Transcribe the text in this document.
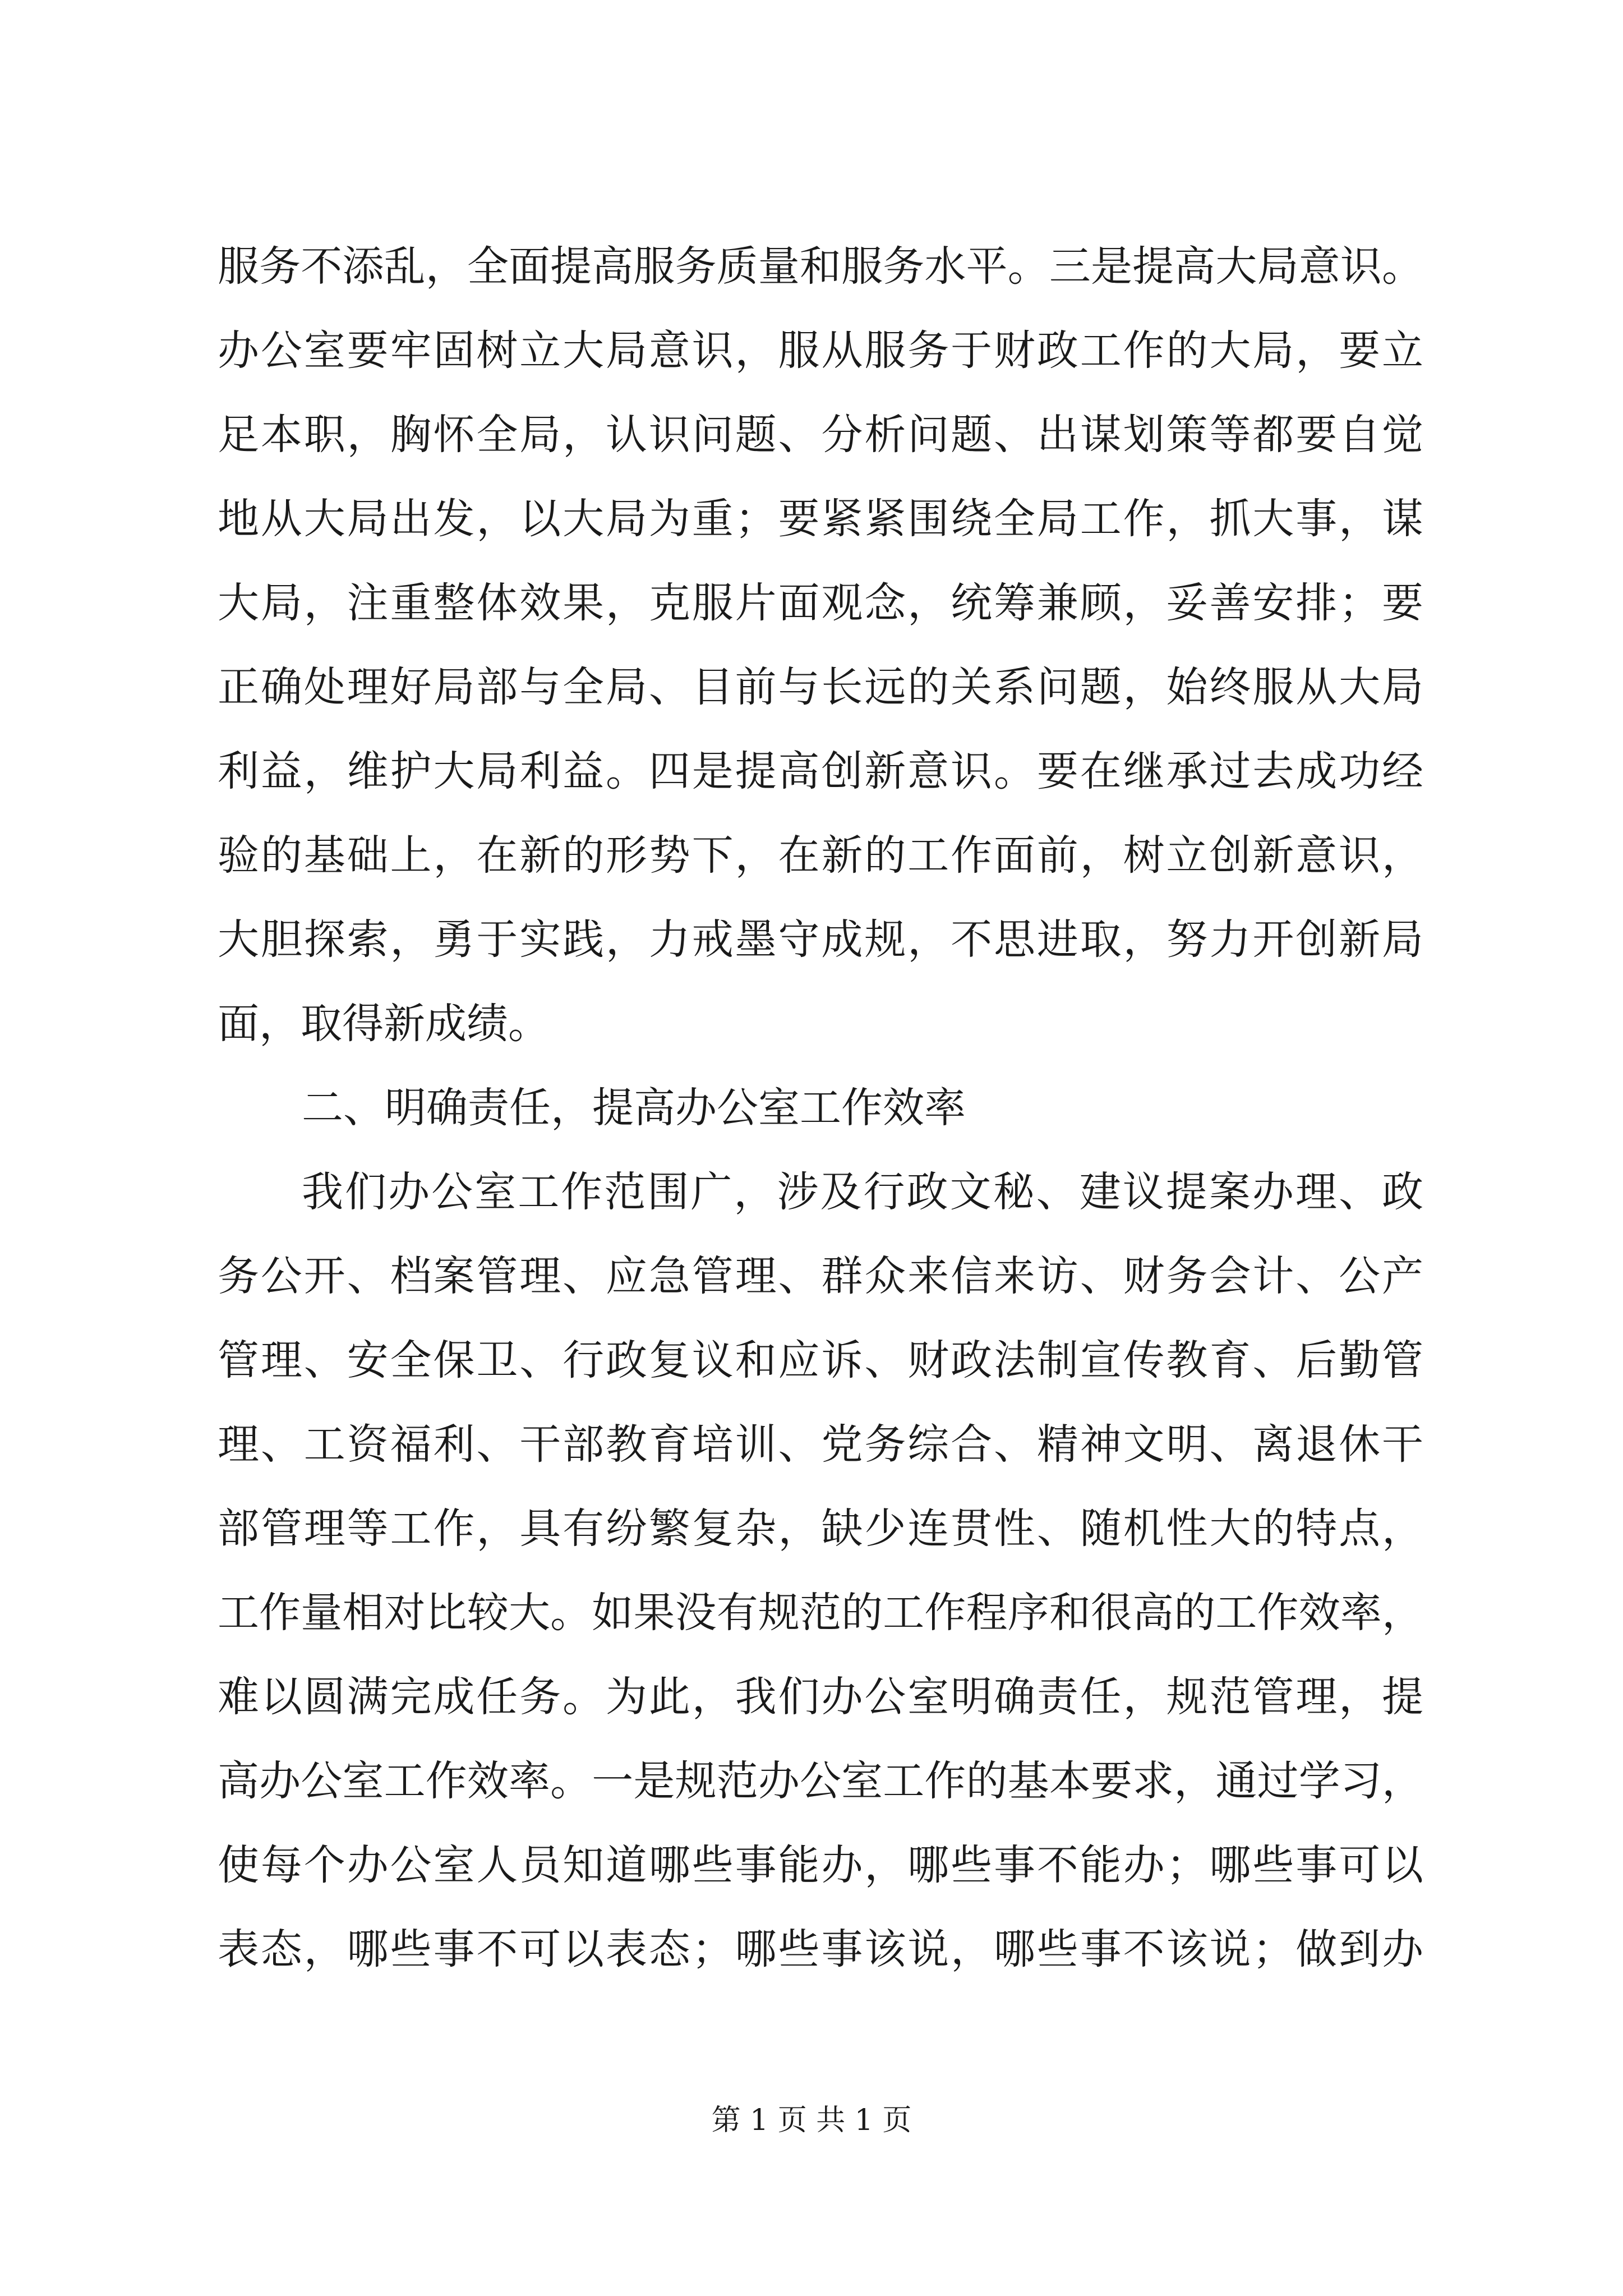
服务不添乱，全面提高服务质量和服务水平。三是提高大局意识。
办公室要牢固树立大局意识，服从服务于财政工作的大局，要立
足本职，胸怀全局，认识问题、分析问题、出谋划策等都要自觉
地从大局出发，以大局为重；要紧紧围绕全局工作，抓大事，谋
大局，注重整体效果，克服片面观念，统筹兼顾，妥善安排；要
正确处理好局部与全局、目前与长远的关系问题，始终服从大局
利益，维护大局利益。四是提高创新意识。要在继承过去成功经
验的基础上，在新的形势下，在新的工作面前，树立创新意识，
大胆探索，勇于实践，力戒墨守成规，不思进取，努力开创新局
面，取得新成绩。
二、明确责任，提高办公室工作效率
我们办公室工作范围广，涉及行政文秘、建议提案办理、政
务公开、档案管理、应急管理、群众来信来访、财务会计、公产
管理、安全保卫、行政复议和应诉、财政法制宣传教育、后勤管
理、工资福利、干部教育培训、党务综合、精神文明、离退休干
部管理等工作，具有纷繁复杂，缺少连贯性、随机性大的特点，
工作量相对比较大。如果没有规范的工作程序和很高的工作效率，
难以圆满完成任务。为此，我们办公室明确责任，规范管理，提
高办公室工作效率。一是规范办公室工作的基本要求，通过学习，
使每个办公室人员知道哪些事能办，哪些事不能办；哪些事可以
表态，哪些事不可以表态；哪些事该说，哪些事不该说；做到办
第 1 页 共 1 页
